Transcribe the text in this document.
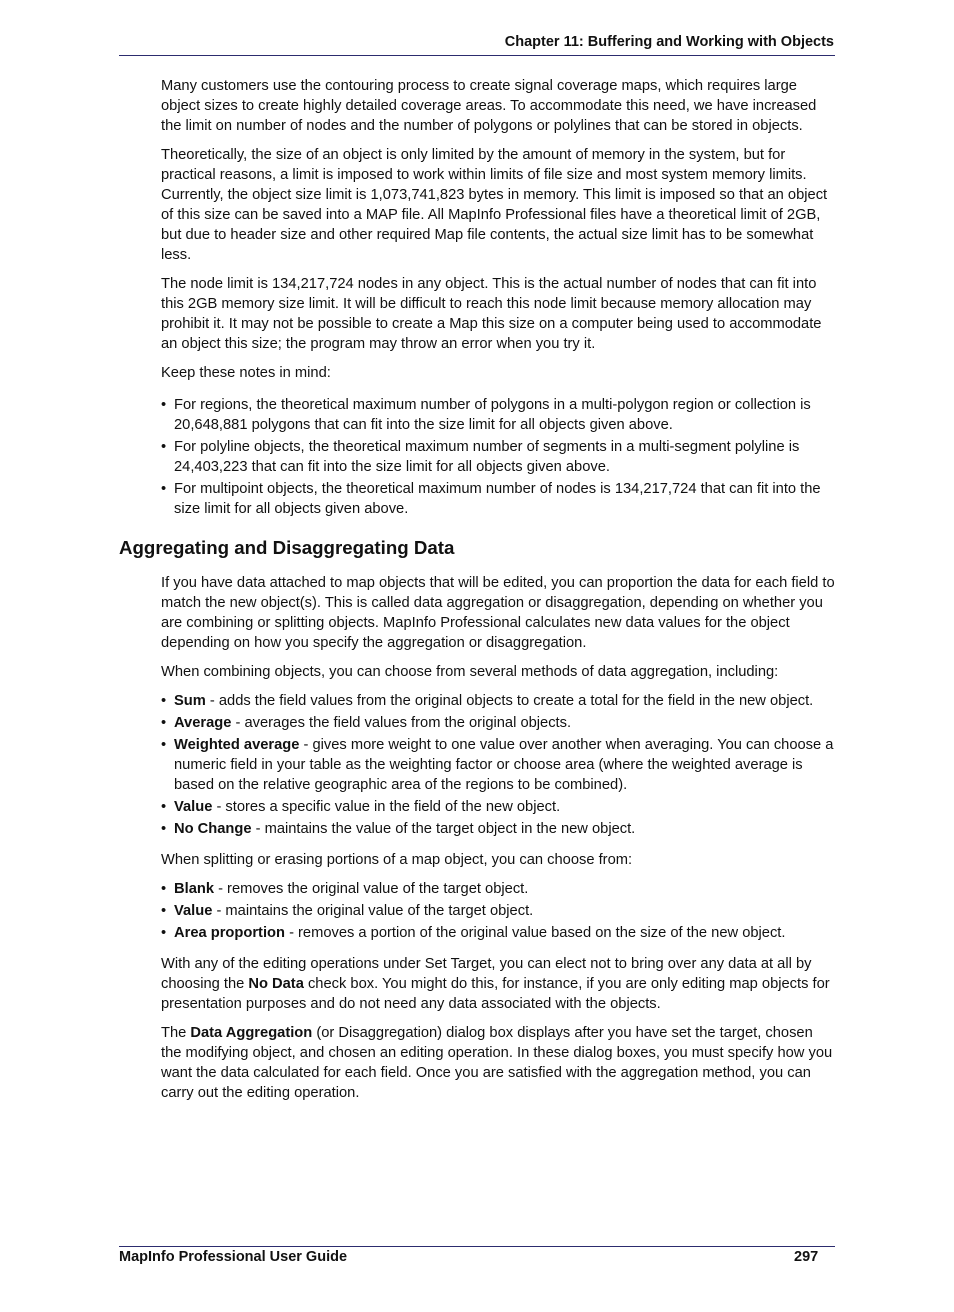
Chapter 11: Buffering and Working with Objects

Many customers use the contouring process to create signal coverage maps, which requires large object sizes to create highly detailed coverage areas. To accommodate this need, we have increased the limit on number of nodes and the number of polygons or polylines that can be stored in objects.

Theoretically, the size of an object is only limited by the amount of memory in the system, but for practical reasons, a limit is imposed to work within limits of file size and most system memory limits. Currently, the object size limit is 1,073,741,823 bytes in memory. This limit is imposed so that an object of this size can be saved into a MAP file. All MapInfo Professional files have a theoretical limit of 2GB, but due to header size and other required Map file contents, the actual size limit has to be somewhat less.

The node limit is 134,217,724 nodes in any object. This is the actual number of nodes that can fit into this 2GB memory size limit. It will be difficult to reach this node limit because memory allocation may prohibit it. It may not be possible to create a Map this size on a computer being used to accommodate an object this size; the program may throw an error when you try it.

Keep these notes in mind:

• For regions, the theoretical maximum number of polygons in a multi-polygon region or collection is 20,648,881 polygons that can fit into the size limit for all objects given above.
• For polyline objects, the theoretical maximum number of segments in a multi-segment polyline is 24,403,223 that can fit into the size limit for all objects given above.
• For multipoint objects, the theoretical maximum number of nodes is 134,217,724 that can fit into the size limit for all objects given above.
Aggregating and Disaggregating Data

If you have data attached to map objects that will be edited, you can proportion the data for each field to match the new object(s). This is called data aggregation or disaggregation, depending on whether you are combining or splitting objects. MapInfo Professional calculates new data values for the object depending on how you specify the aggregation or disaggregation.

When combining objects, you can choose from several methods of data aggregation, including:

• Sum - adds the field values from the original objects to create a total for the field in the new object.
• Average - averages the field values from the original objects.
• Weighted average - gives more weight to one value over another when averaging. You can choose a numeric field in your table as the weighting factor or choose area (where the weighted average is based on the relative geographic area of the regions to be combined).
• Value - stores a specific value in the field of the new object.
• No Change - maintains the value of the target object in the new object.

When splitting or erasing portions of a map object, you can choose from:

• Blank - removes the original value of the target object.
• Value - maintains the original value of the target object.
• Area proportion - removes a portion of the original value based on the size of the new object.

With any of the editing operations under Set Target, you can elect not to bring over any data at all by choosing the No Data check box. You might do this, for instance, if you are only editing map objects for presentation purposes and do not need any data associated with the objects.

The Data Aggregation (or Disaggregation) dialog box displays after you have set the target, chosen the modifying object, and chosen an editing operation. In these dialog boxes, you must specify how you want the data calculated for each field. Once you are satisfied with the aggregation method, you can carry out the editing operation.

MapInfo Professional User Guide	297
